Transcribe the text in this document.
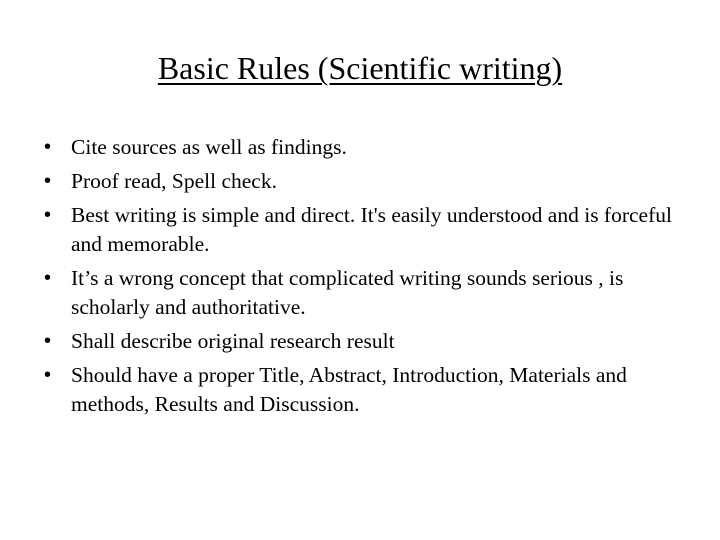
Basic Rules (Scientific writing)
• Cite sources as well as findings.
• Proof read, Spell check.
• Best writing is simple and direct. It's easily understood and is forceful and memorable.
• It’s a wrong concept that complicated writing sounds serious , is scholarly and authoritative.
• Shall describe original research result
• Should have a proper Title, Abstract, Introduction, Materials and methods, Results and Discussion.
